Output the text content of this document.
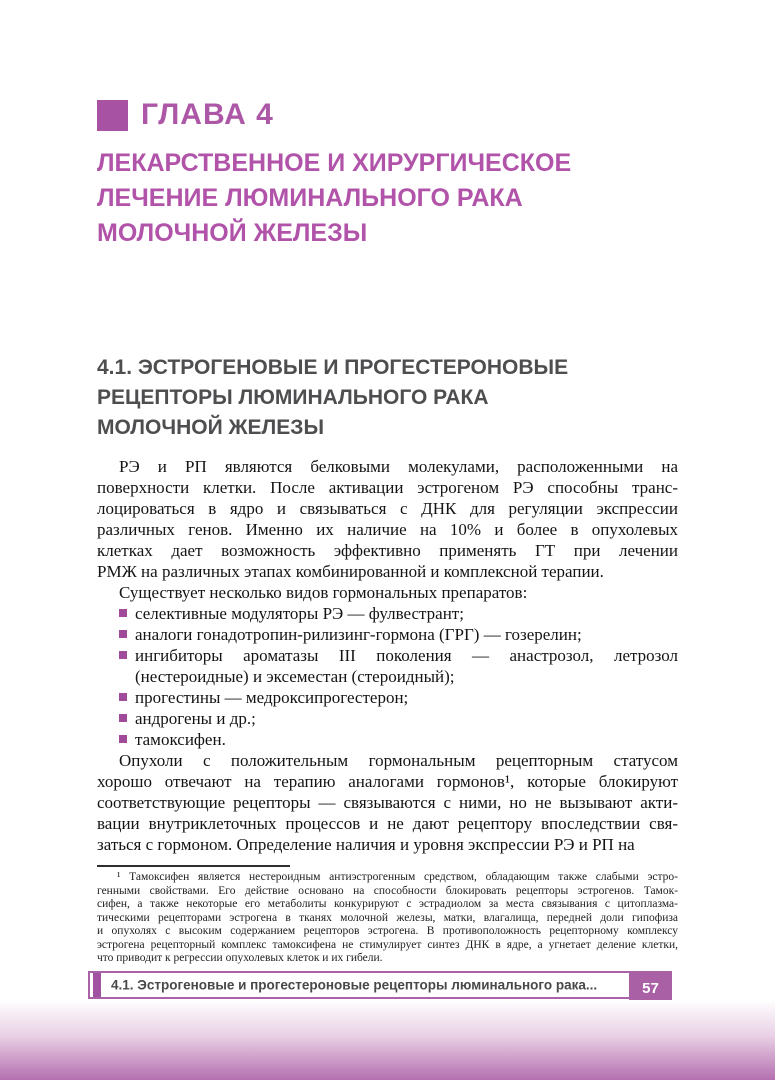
ГЛАВА 4
ЛЕКАРСТВЕННОЕ И ХИРУРГИЧЕСКОЕ
ЛЕЧЕНИЕ ЛЮМИНАЛЬНОГО РАКА
МОЛОЧНОЙ ЖЕЛЕЗЫ
4.1. ЭСТРОГЕНОВЫЕ И ПРОГЕСТЕРОНОВЫЕ
РЕЦЕПТОРЫ ЛЮМИНАЛЬНОГО РАКА
МОЛОЧНОЙ ЖЕЛЕЗЫ
РЭ и РП являются белковыми молекулами, расположенными на
поверхности клетки. После активации эстрогеном РЭ способны транс-
лоцироваться в ядро и связываться с ДНК для регуляции экспрессии
различных генов. Именно их наличие на 10% и более в опухолевых
клетках дает возможность эффективно применять ГТ при лечении
РМЖ на различных этапах комбинированной и комплексной терапии.
Существует несколько видов гормональных препаратов:
селективные модуляторы РЭ — фулвестрант;
аналоги гонадотропин-рилизинг-гормона (ГРГ) — гозерелин;
ингибиторы ароматазы III поколения — анастрозол, летрозол
(нестероидные) и эксеместан (стероидный);
прогестины — медроксипрогестерон;
андрогены и др.;
тамоксифен.
Опухоли с положительным гормональным рецепторным статусом
хорошо отвечают на терапию аналогами гормонов¹, которые блокируют
соответствующие рецепторы — связываются с ними, но не вызывают акти-
вации внутриклеточных процессов и не дают рецептору впоследствии свя-
заться с гормоном. Определение наличия и уровня экспрессии РЭ и РП на
¹ Тамоксифен является нестероидным антиэстрогенным средством, обладающим также слабыми эстро-
генными свойствами. Его действие основано на способности блокировать рецепторы эстрогенов. Тамок-
сифен, а также некоторые его метаболиты конкурируют с эстрадиолом за места связывания с цитоплазма-
тическими рецепторами эстрогена в тканях молочной железы, матки, влагалища, передней доли гипофиза
и опухолях с высоким содержанием рецепторов эстрогена. В противоположность рецепторному комплексу
эстрогена рецепторный комплекс тамоксифена не стимулирует синтез ДНК в ядре, а угнетает деление клетки,
что приводит к регрессии опухолевых клеток и их гибели.
4.1. Эстрогеновые и прогестероновые рецепторы люминального рака...	57
